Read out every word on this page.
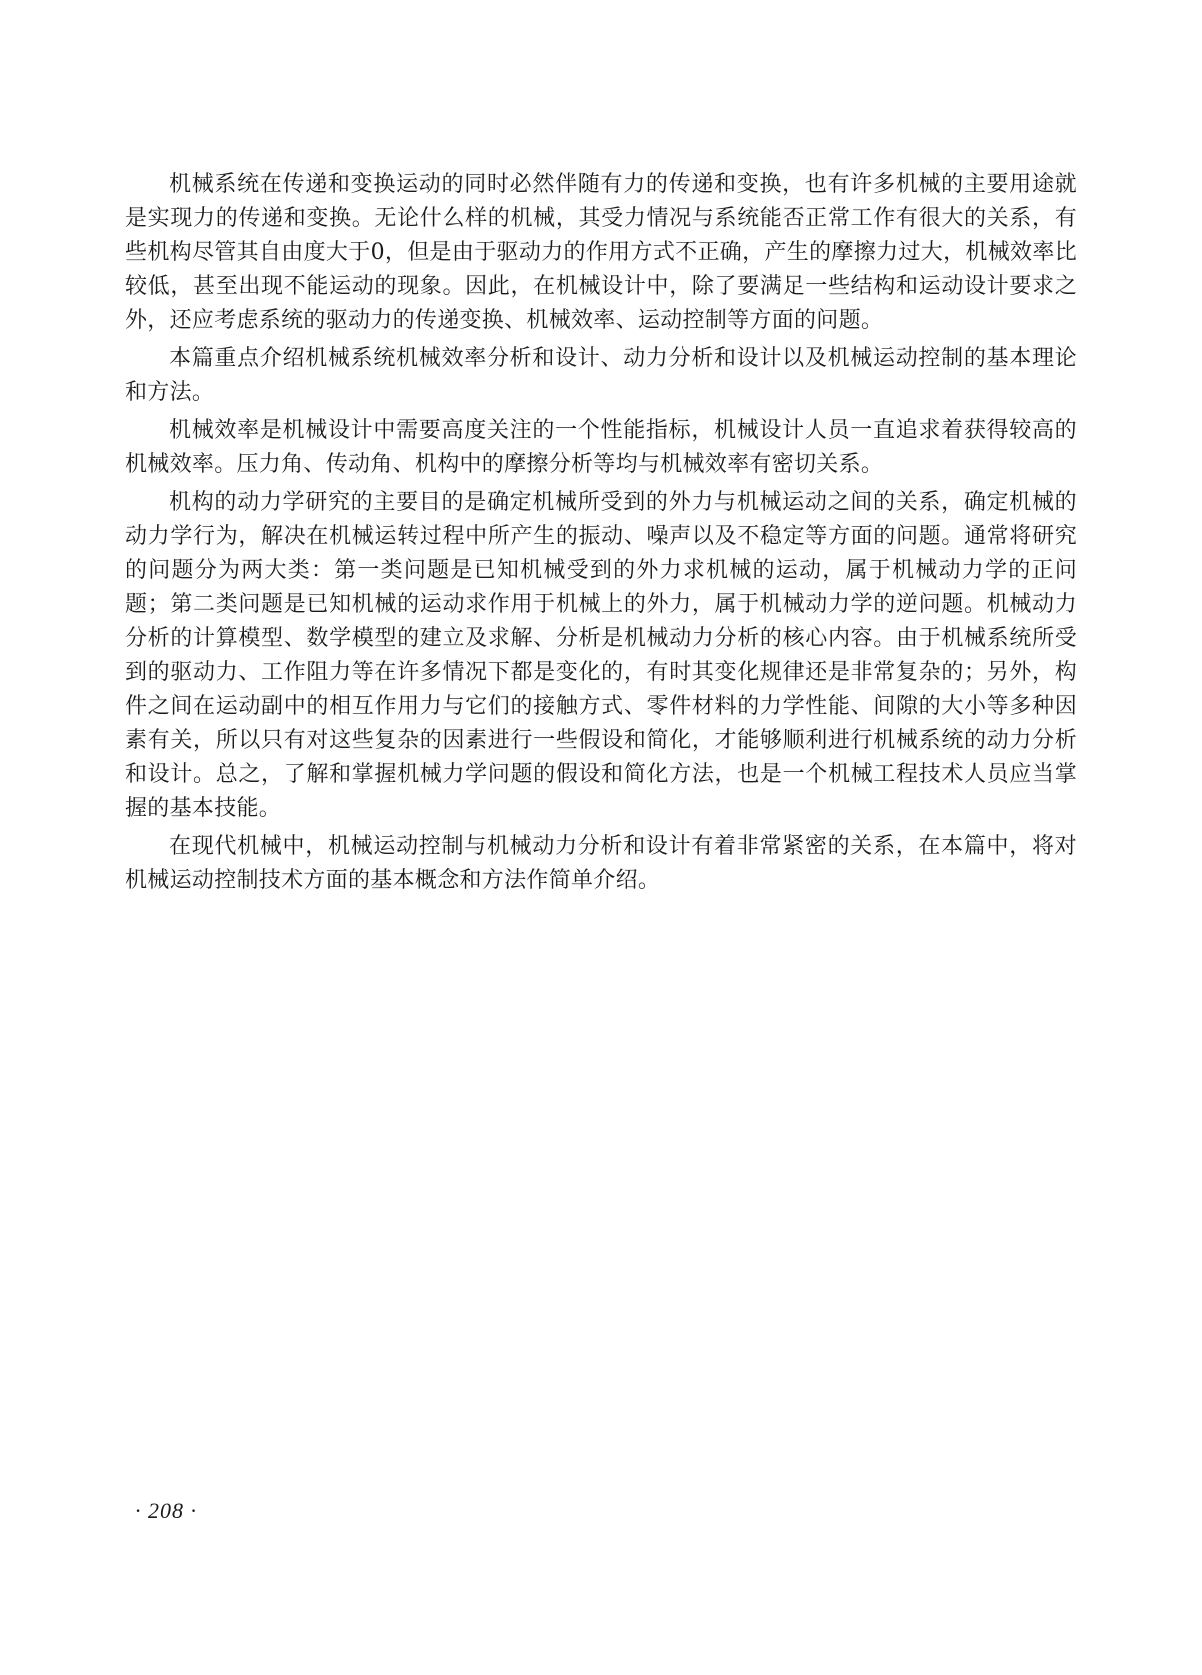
机械系统在传递和变换运动的同时必然伴随有力的传递和变换，也有许多机械的主要用途就是实现力的传递和变换。无论什么样的机械，其受力情况与系统能否正常工作有很大的关系，有些机构尽管其自由度大于0，但是由于驱动力的作用方式不正确，产生的摩擦力过大，机械效率比较低，甚至出现不能运动的现象。因此，在机械设计中，除了要满足一些结构和运动设计要求之外，还应考虑系统的驱动力的传递变换、机械效率、运动控制等方面的问题。

本篇重点介绍机械系统机械效率分析和设计、动力分析和设计以及机械运动控制的基本理论和方法。

机械效率是机械设计中需要高度关注的一个性能指标，机械设计人员一直追求着获得较高的机械效率。压力角、传动角、机构中的摩擦分析等均与机械效率有密切关系。

机构的动力学研究的主要目的是确定机械所受到的外力与机械运动之间的关系，确定机械的动力学行为，解决在机械运转过程中所产生的振动、噪声以及不稳定等方面的问题。通常将研究的问题分为两大类：第一类问题是已知机械受到的外力求机械的运动，属于机械动力学的正问题；第二类问题是已知机械的运动求作用于机械上的外力，属于机械动力学的逆问题。机械动力分析的计算模型、数学模型的建立及求解、分析是机械动力分析的核心内容。由于机械系统所受到的驱动力、工作阻力等在许多情况下都是变化的，有时其变化规律还是非常复杂的；另外，构件之间在运动副中的相互作用力与它们的接触方式、零件材料的力学性能、间隙的大小等多种因素有关，所以只有对这些复杂的因素进行一些假设和简化，才能够顺利进行机械系统的动力分析和设计。总之，了解和掌握机械力学问题的假设和简化方法，也是一个机械工程技术人员应当掌握的基本技能。

在现代机械中，机械运动控制与机械动力分析和设计有着非常紧密的关系，在本篇中，将对机械运动控制技术方面的基本概念和方法作简单介绍。

· 208 ·
